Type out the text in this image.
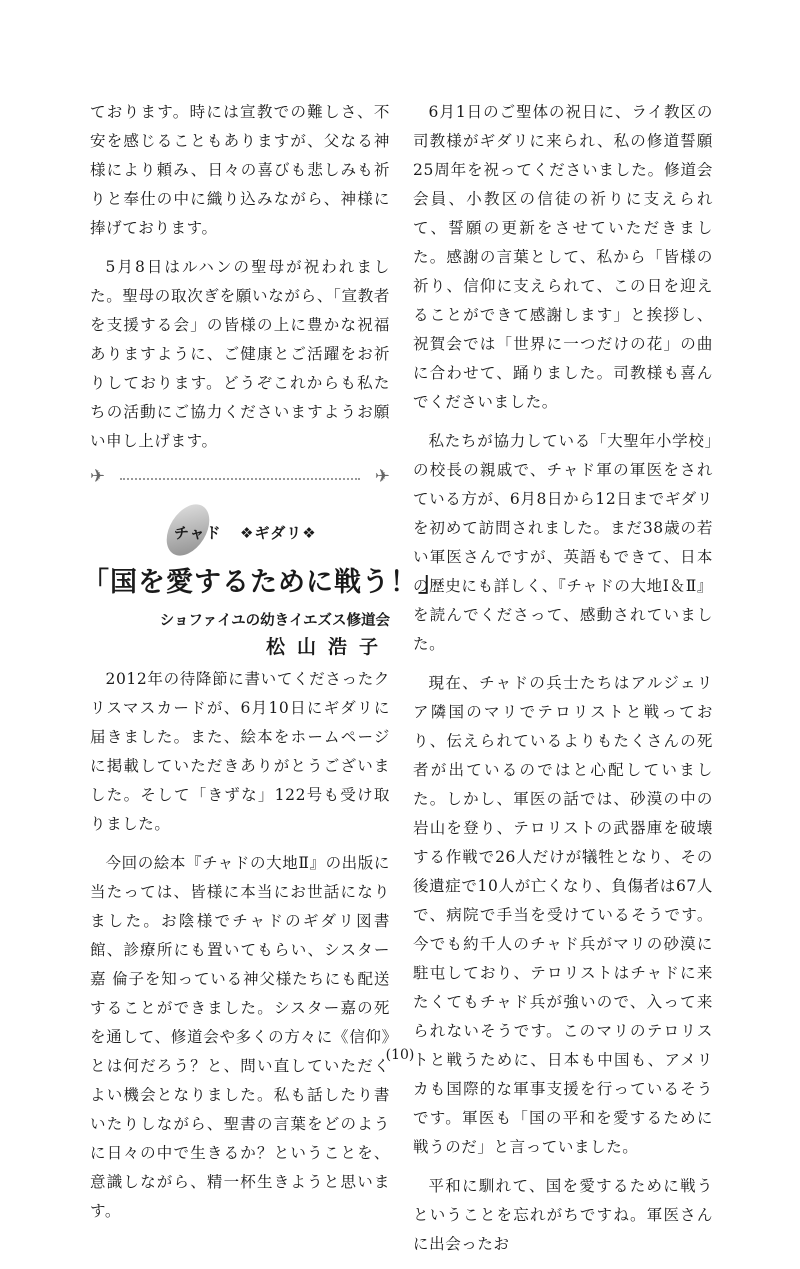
ております。時には宣教での難しさ、不安を感じることもありますが、父なる神様により頼み、日々の喜びも悲しみも祈りと奉仕の中に織り込みながら、神様に捧げております。

5月8日はルハンの聖母が祝われました。聖母の取次ぎを願いながら、「宣教者を支援する会」の皆様の上に豊かな祝福ありますように、ご健康とご活躍をお祈りしております。どうぞこれからも私たちの活動にご協力くださいますようお願い申し上げます。

✈	✈
チャド ❖ギダリ❖
「国を愛するために戦う！」
ショファイユの幼きイエズス修道会
松山浩子

2012年の待降節に書いてくださったクリスマスカードが、6月10日にギダリに届きました。また、絵本をホームページに掲載していただきありがとうございました。そして「きずな」122号も受け取りました。

今回の絵本『チャドの大地Ⅱ』の出版に当たっては、皆様に本当にお世話になりました。お陰様でチャドのギダリ図書館、診療所にも置いてもらい、シスター嘉 倫子を知っている神父様たちにも配送することができました。シスター嘉の死を通して、修道会や多くの方々に《信仰》とは何だろう？と、問い直していただくよい機会となりました。私も話したり書いたりしながら、聖書の言葉をどのように日々の中で生きるか？ということを、意識しながら、精一杯生きようと思います。

6月1日のご聖体の祝日に、ライ教区の司教様がギダリに来られ、私の修道誓願25周年を祝ってくださいました。修道会会員、小教区の信徒の祈りに支えられて、誓願の更新をさせていただきました。感謝の言葉として、私から「皆様の祈り、信仰に支えられて、この日を迎えることができて感謝します」と挨拶し、祝賀会では「世界に一つだけの花」の曲に合わせて、踊りました。司教様も喜んでくださいました。

私たちが協力している「大聖年小学校」の校長の親戚で、チャド軍の軍医をされている方が、6月8日から12日までギダリを初めて訪問されました。まだ38歳の若い軍医さんですが、英語もできて、日本の歴史にも詳しく、『チャドの大地Ⅰ＆Ⅱ』を読んでくださって、感動されていました。

現在、チャドの兵士たちはアルジェリア隣国のマリでテロリストと戦っており、伝えられているよりもたくさんの死者が出ているのではと心配していました。しかし、軍医の話では、砂漠の中の岩山を登り、テロリストの武器庫を破壊する作戦で26人だけが犠牲となり、その後遺症で10人が亡くなり、負傷者は67人で、病院で手当を受けているそうです。今でも約千人のチャド兵がマリの砂漠に駐屯しており、テロリストはチャドに来たくてもチャド兵が強いので、入って来られないそうです。このマリのテロリストと戦うために、日本も中国も、アメリカも国際的な軍事支援を行っているそうです。軍医も「国の平和を愛するために戦うのだ」と言っていました。

平和に馴れて、国を愛するために戦うということを忘れがちですね。軍医さんに出会ったお

(10)
